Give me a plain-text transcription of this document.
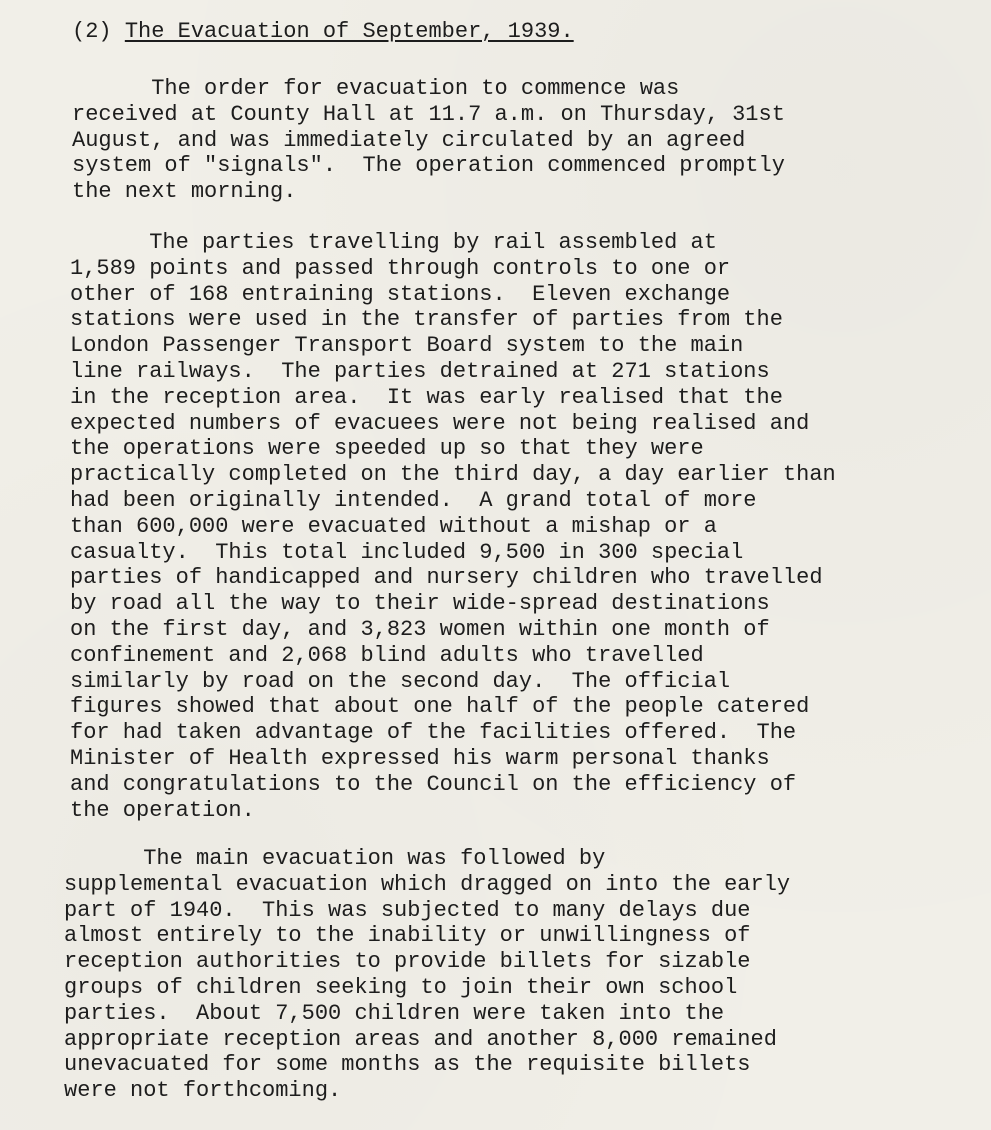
(2) The Evacuation of September, 1939.
The order for evacuation to commence was
received at County Hall at 11.7 a.m. on Thursday, 31st
August, and was immediately circulated by an agreed
system of "signals".  The operation commenced promptly
the next morning.
The parties travelling by rail assembled at
1,589 points and passed through controls to one or
other of 168 entraining stations.  Eleven exchange
stations were used in the transfer of parties from the
London Passenger Transport Board system to the main
line railways.  The parties detrained at 271 stations
in the reception area.  It was early realised that the
expected numbers of evacuees were not being realised and
the operations were speeded up so that they were
practically completed on the third day, a day earlier than
had been originally intended.  A grand total of more
than 600,000 were evacuated without a mishap or a
casualty.  This total included 9,500 in 300 special
parties of handicapped and nursery children who travelled
by road all the way to their wide-spread destinations
on the first day, and 3,823 women within one month of
confinement and 2,068 blind adults who travelled
similarly by road on the second day.  The official
figures showed that about one half of the people catered
for had taken advantage of the facilities offered.  The
Minister of Health expressed his warm personal thanks
and congratulations to the Council on the efficiency of
the operation.
The main evacuation was followed by
supplemental evacuation which dragged on into the early
part of 1940.  This was subjected to many delays due
almost entirely to the inability or unwillingness of
reception authorities to provide billets for sizable
groups of children seeking to join their own school
parties.  About 7,500 children were taken into the
appropriate reception areas and another 8,000 remained
unevacuated for some months as the requisite billets
were not forthcoming.
